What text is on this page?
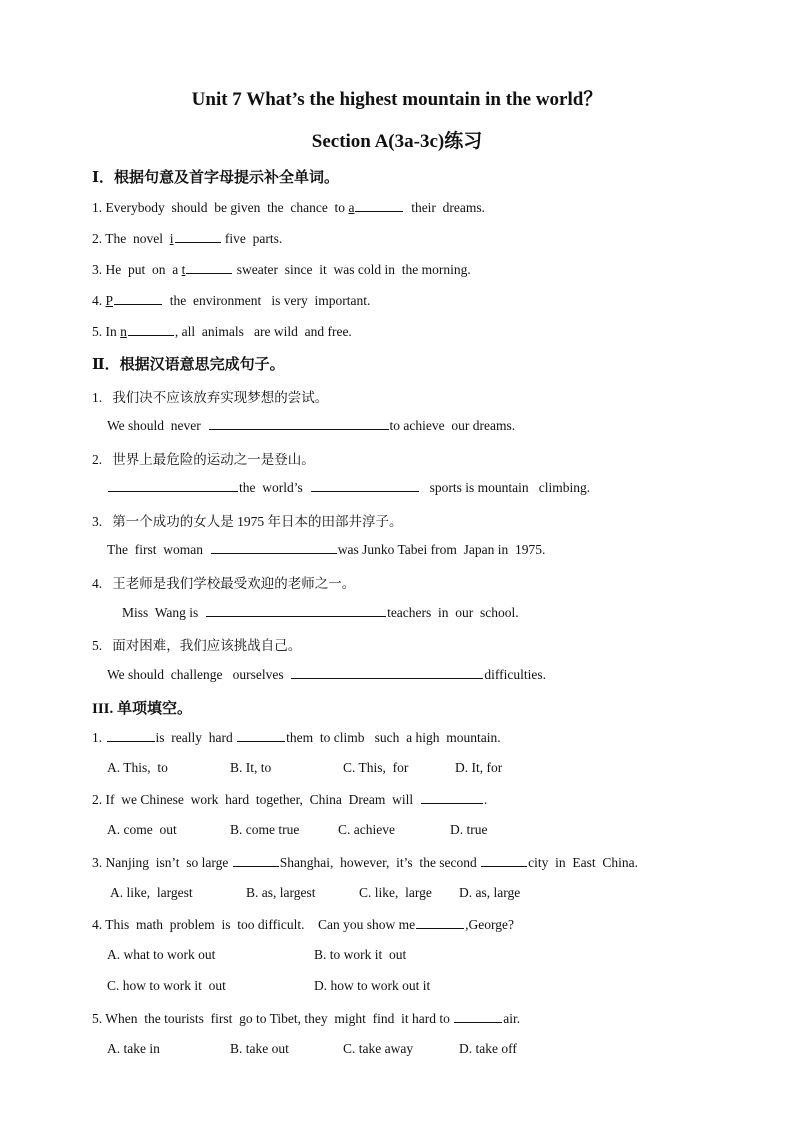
Unit 7 What’s the highest mountain in the world？
Section A(3a-3c)练习
Ⅰ．根据句意及首字母提示补全单词。
1. Everybody  should  be given  the  chance  to a	their  dreams.
2. The  novel  i	five  parts.
3. He  put  on  a t	sweater  since  it  was cold in  the morning.
4. P	the  environment   is very  important.
5. In n	, all  animals   are wild  and free.
Ⅱ．根据汉语意思完成句子。
1.   我们决不应该放弃实现梦想的尝试。
We should  never	to achieve  our dreams.
2.   世界上最危险的运动之一是登山。
the  world’s	sports is mountain   climbing.
3.   第一个成功的女人是 1975 年日本的田部井淳子。
The  first  woman	was Junko Tabei from  Japan in  1975.
4.   王老师是我们学校最受欢迎的老师之一。
Miss  Wang is	teachers  in  our  school.
5.   面对困难，我们应该挑战自己。
We should  challenge   ourselves	difficulties.
III. 单项填空。
1.	is  really  hard	them  to climb   such  a high  mountain.
A. This,  to	B. It, to	C. This,  for	D. It, for
2. If  we Chinese  work  hard  together,  China  Dream  will	.
A. come  out	B. come true	C. achieve	D. true
3. Nanjing  isn’t  so large	Shanghai,  however,  it’s  the second	city  in  East  China.
A. like,  largest	B. as, largest	C. like,  large D. as, large
4. This  math  problem  is  too difficult.    Can you show me	,George?
A. what to work out	B. to work it  out
C. how to work it  out	D. how to work out it
5. When  the tourists  first  go to Tibet, they  might  find  it hard to	air.
A. take in	B. take out	C. take away	D. take off
